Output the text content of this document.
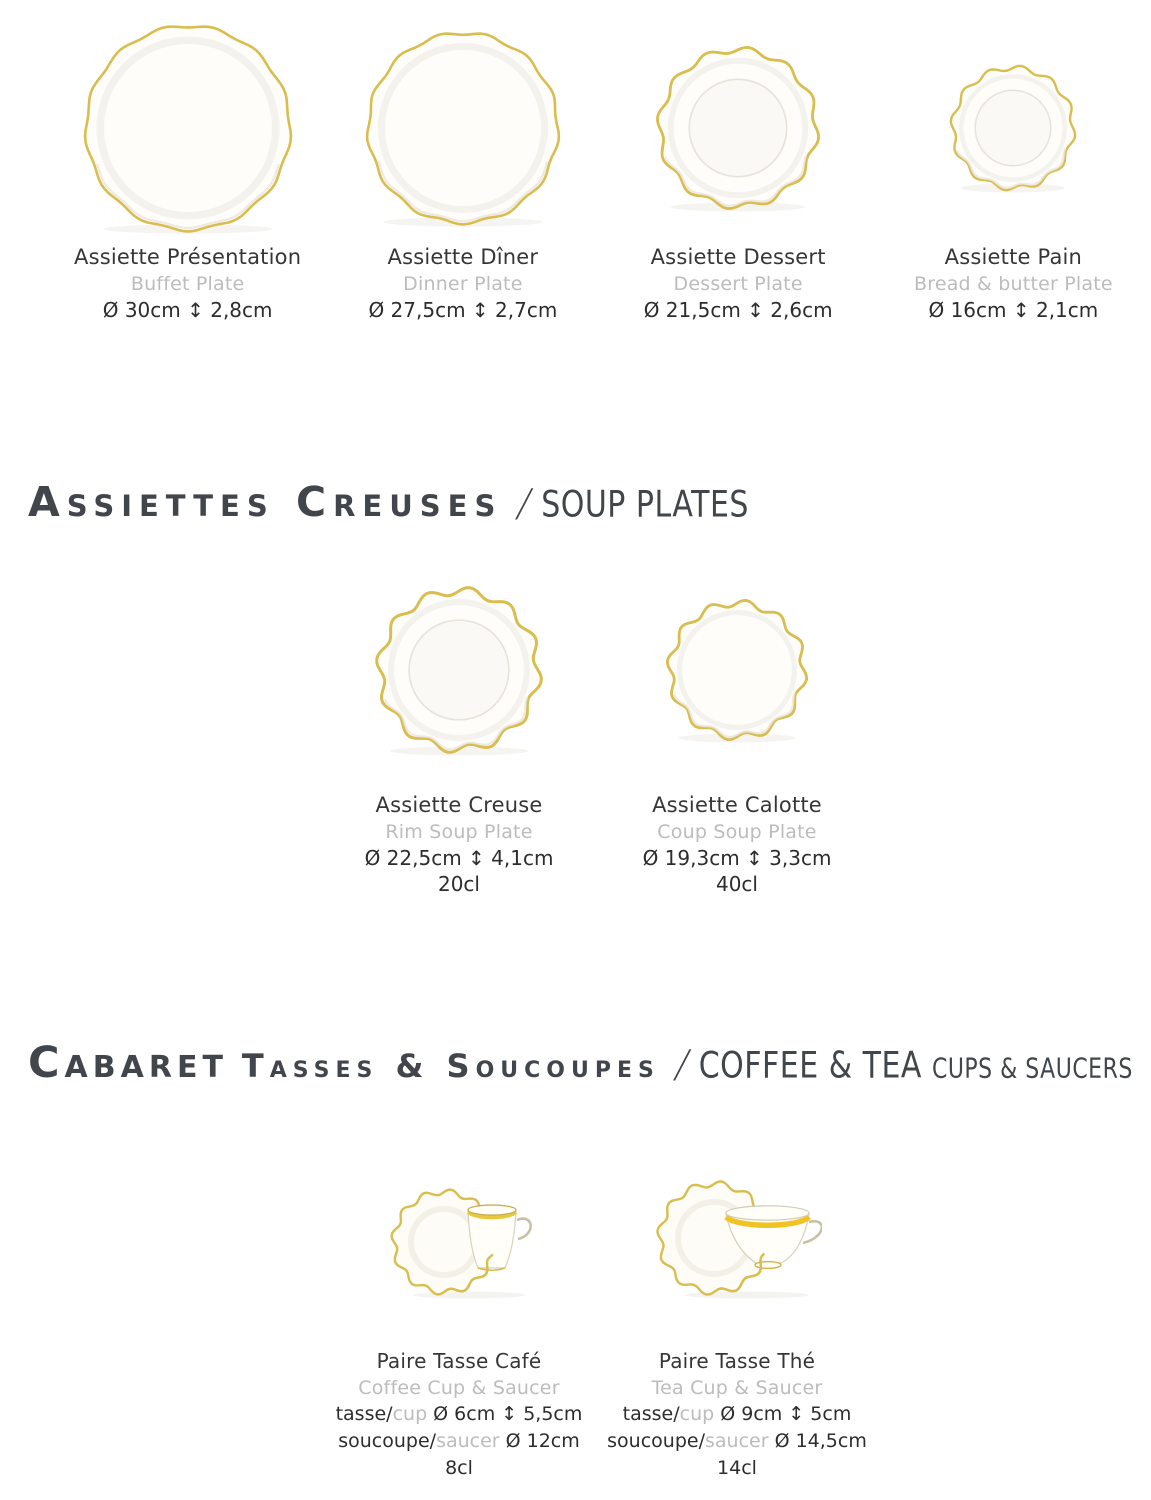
Assiette Présentation
Buffet Plate
Ø 30cm ↕ 2,8cm
Assiette Dîner
Dinner Plate
Ø 27,5cm ↕ 2,7cm
Assiette Dessert
Dessert Plate
Ø 21,5cm ↕ 2,6cm
Assiette Pain
Bread & butter Plate
Ø 16cm ↕ 2,1cm
Assiettes Creuses / SOUP PLATES
Assiette Creuse
Rim Soup Plate
Ø 22,5cm ↕ 4,1cm
20cl
Assiette Calotte
Coup Soup Plate
Ø 19,3cm ↕ 3,3cm
40cl
Cabaret Tasses & Soucoupes / COFFEE & TEA CUPS & SAUCERS
Paire Tasse Café
Coffee Cup & Saucer
tasse/cup Ø 6cm ↕ 5,5cm
soucoupe/saucer Ø 12cm
8cl
Paire Tasse Thé
Tea Cup & Saucer
tasse/cup Ø 9cm ↕ 5cm
soucoupe/saucer Ø 14,5cm
14cl
